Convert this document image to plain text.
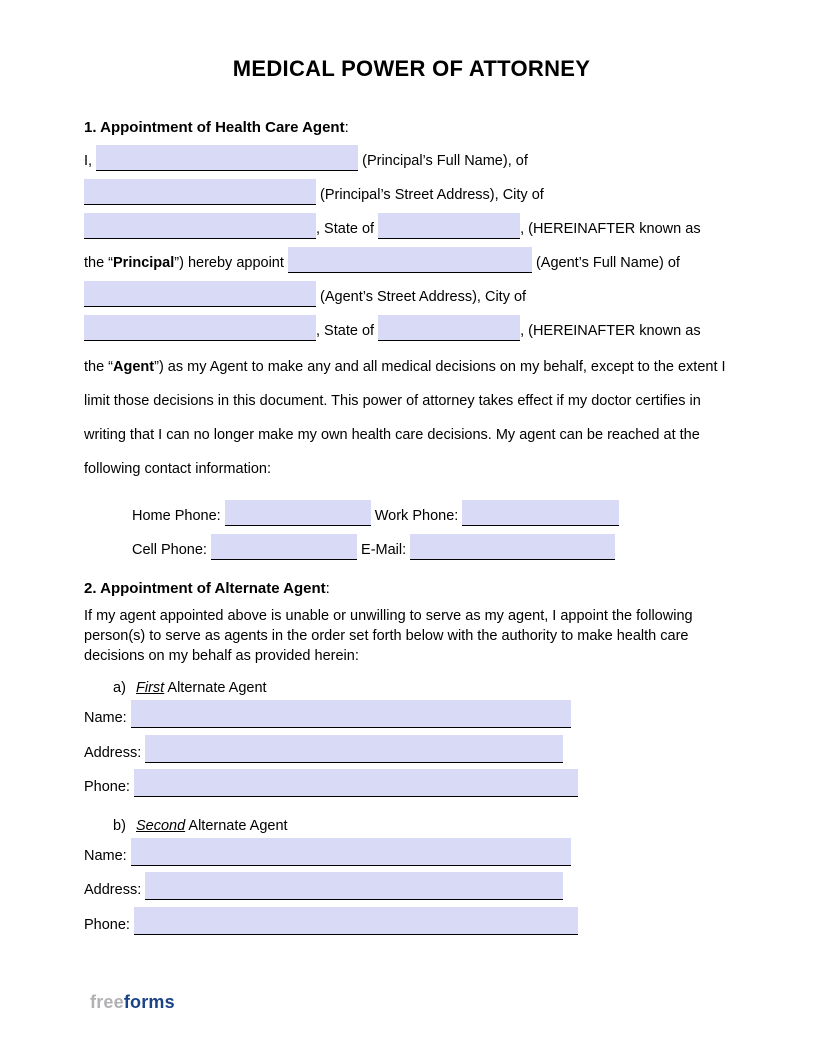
MEDICAL POWER OF ATTORNEY
1. Appointment of Health Care Agent:
I,	(Principal’s Full Name), of
(Principal’s Street Address), City of
, State of	, (HEREINAFTER known as
the “Principal”) hereby appoint	(Agent’s Full Name) of
(Agent’s Street Address), City of
, State of	, (HEREINAFTER known as
the “Agent”) as my Agent to make any and all medical decisions on my behalf, except to the extent I limit those decisions in this document. This power of attorney takes effect if my doctor certifies in writing that I can no longer make my own health care decisions. My agent can be reached at the following contact information:
Home Phone:	Work Phone:
Cell Phone:	E-Mail:
2. Appointment of Alternate Agent:
If my agent appointed above is unable or unwilling to serve as my agent, I appoint the following person(s) to serve as agents in the order set forth below with the authority to make health care decisions on my behalf as provided herein:
a) First Alternate Agent
Name:
Address:
Phone:
b) Second Alternate Agent
Name:
Address:
Phone:
freeforms
